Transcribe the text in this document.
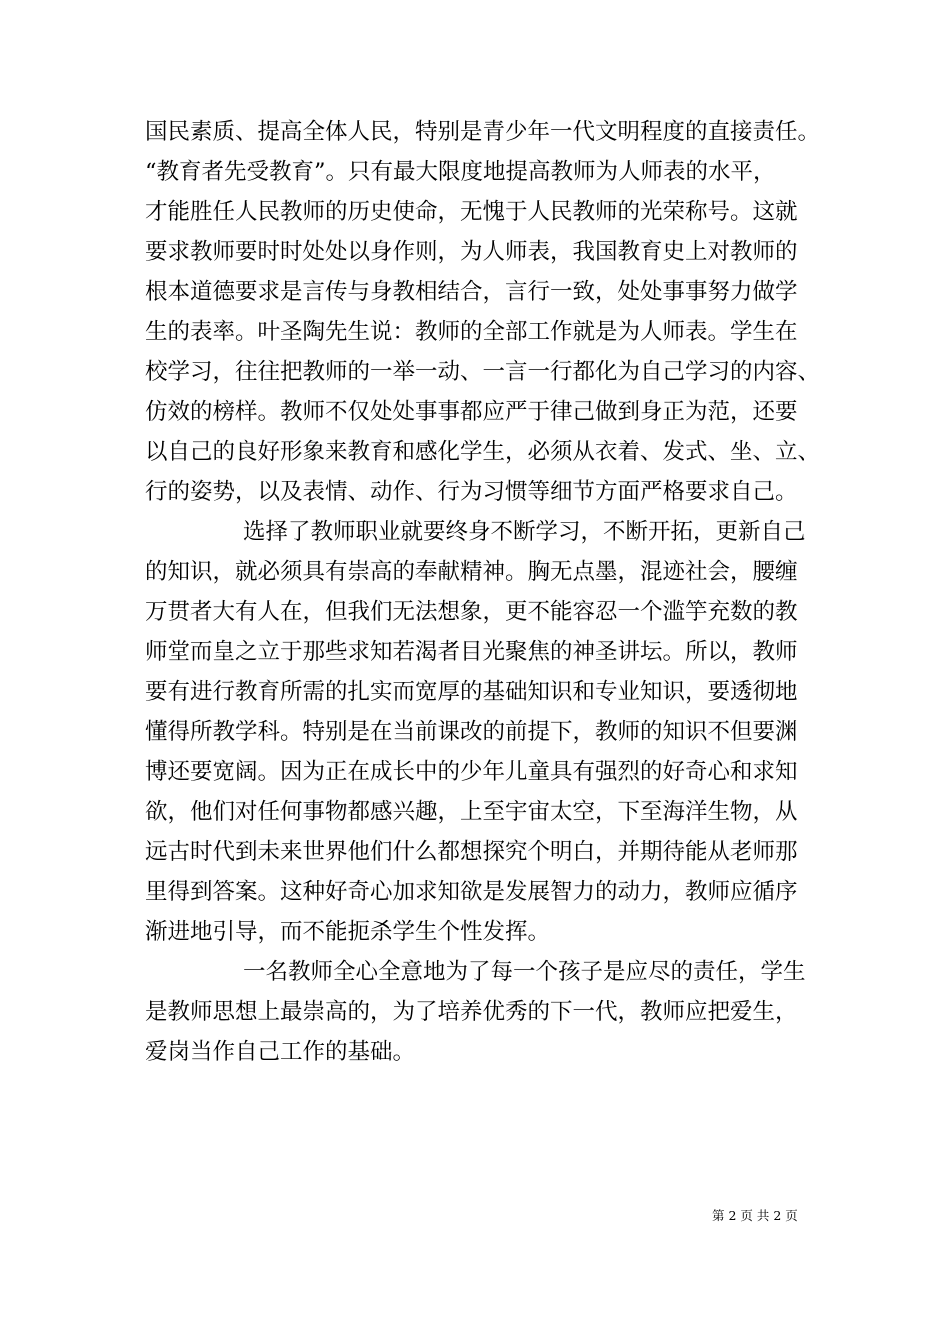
国民素质、提高全体人民，特别是青少年一代文明程度的直接责任。
“教育者先受教育”。只有最大限度地提高教师为人师表的水平，
才能胜任人民教师的历史使命，无愧于人民教师的光荣称号。这就
要求教师要时时处处以身作则，为人师表，我国教育史上对教师的
根本道德要求是言传与身教相结合，言行一致，处处事事努力做学
生的表率。叶圣陶先生说：教师的全部工作就是为人师表。学生在
校学习，往往把教师的一举一动、一言一行都化为自己学习的内容、
仿效的榜样。教师不仅处处事事都应严于律己做到身正为范，还要
以自己的良好形象来教育和感化学生，必须从衣着、发式、坐、立、
行的姿势，以及表情、动作、行为习惯等细节方面严格要求自己。
选择了教师职业就要终身不断学习，不断开拓，更新自己
的知识，就必须具有崇高的奉献精神。胸无点墨，混迹社会，腰缠
万贯者大有人在，但我们无法想象，更不能容忍一个滥竽充数的教
师堂而皇之立于那些求知若渴者目光聚焦的神圣讲坛。所以，教师
要有进行教育所需的扎实而宽厚的基础知识和专业知识，要透彻地
懂得所教学科。特别是在当前课改的前提下，教师的知识不但要渊
博还要宽阔。因为正在成长中的少年儿童具有强烈的好奇心和求知
欲，他们对任何事物都感兴趣，上至宇宙太空，下至海洋生物，从
远古时代到未来世界他们什么都想探究个明白，并期待能从老师那
里得到答案。这种好奇心加求知欲是发展智力的动力，教师应循序
渐进地引导，而不能扼杀学生个性发挥。
一名教师全心全意地为了每一个孩子是应尽的责任，学生
是教师思想上最崇高的，为了培养优秀的下一代，教师应把爱生，
爱岗当作自己工作的基础。
第 2 页 共 2 页
